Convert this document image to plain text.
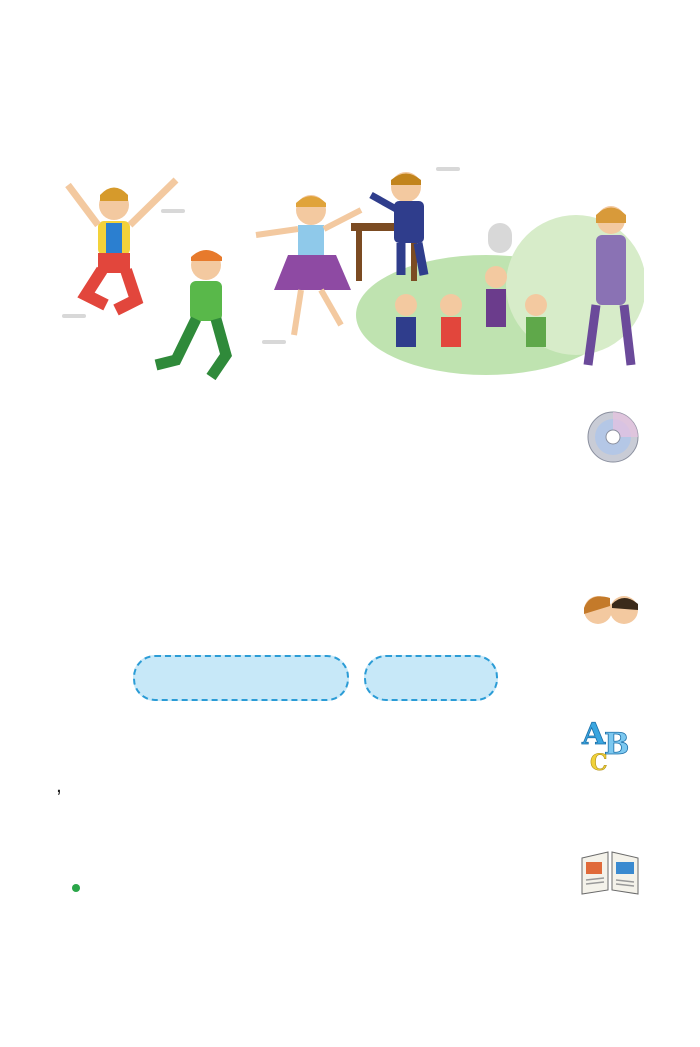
,

A
B
C
